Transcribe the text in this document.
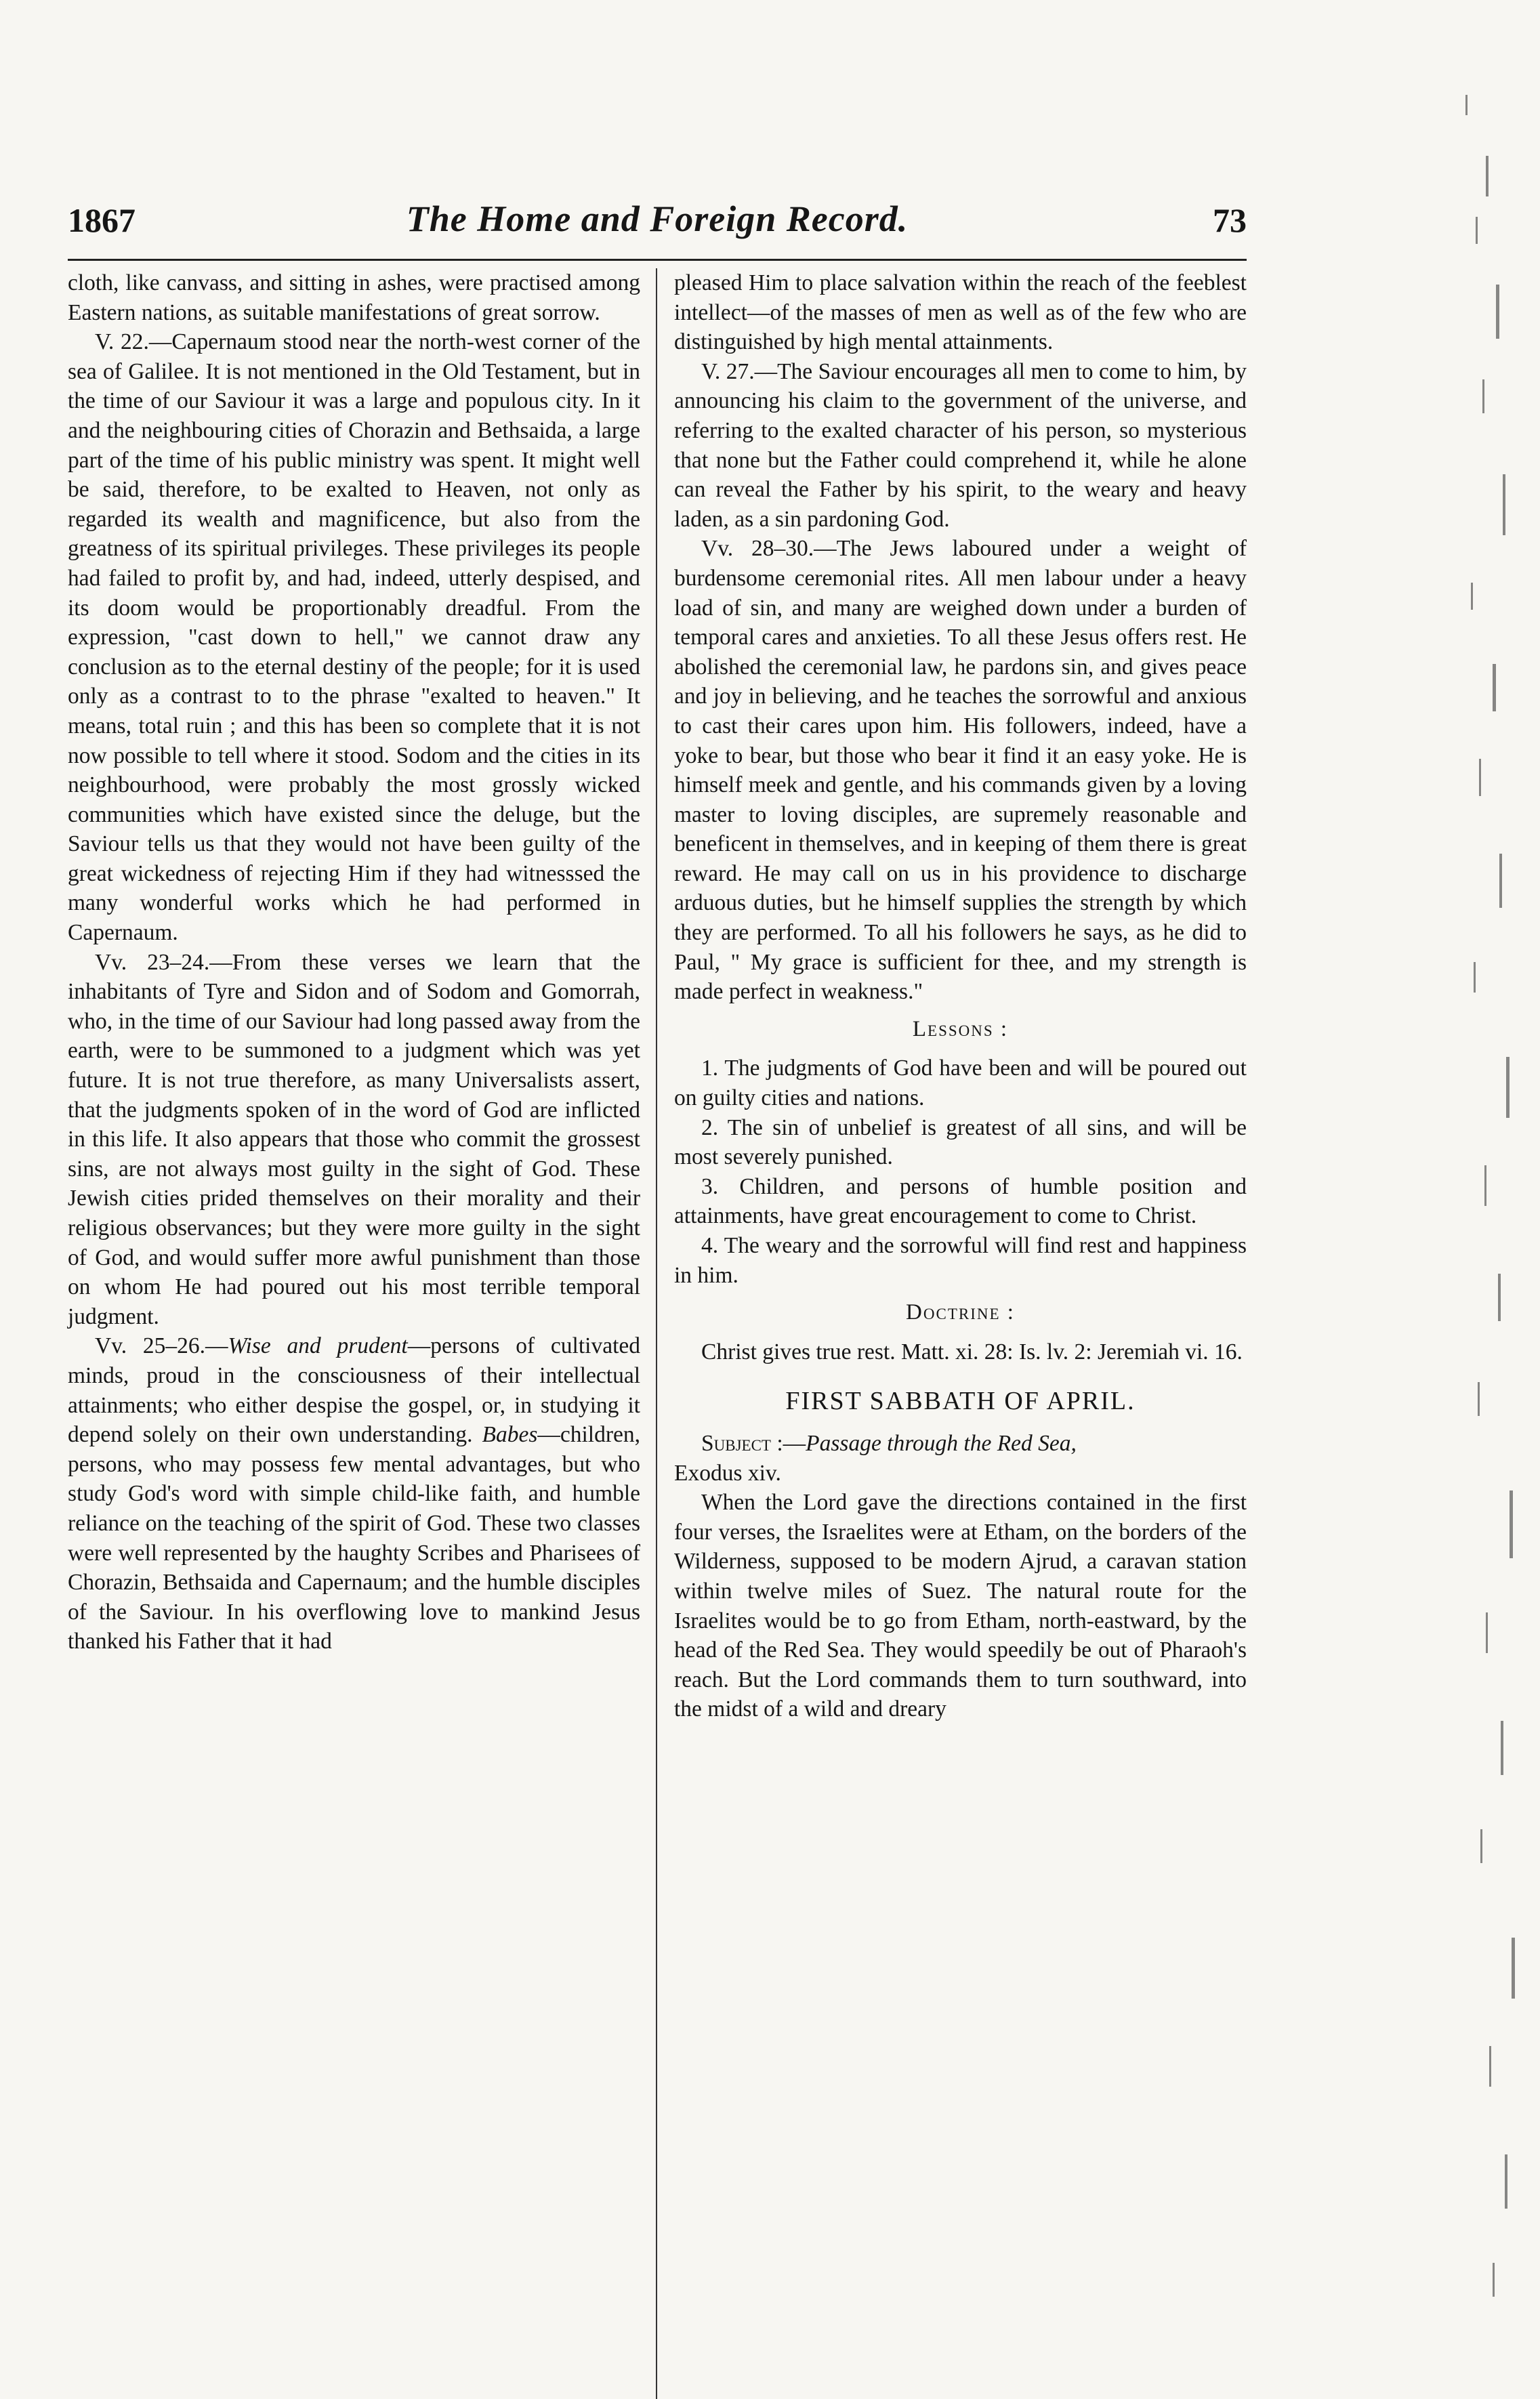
1867	The Home and Foreign Record.	73

cloth, like canvass, and sitting in ashes, were practised among Eastern nations, as suitable manifestations of great sorrow.

V. 22.—Capernaum stood near the north-west corner of the sea of Galilee. It is not mentioned in the Old Testament, but in the time of our Saviour it was a large and populous city. In it and the neighbouring cities of Chorazin and Bethsaida, a large part of the time of his public ministry was spent. It might well be said, therefore, to be exalted to Heaven, not only as regarded its wealth and magnificence, but also from the greatness of its spiritual privileges. These privileges its people had failed to profit by, and had, indeed, utterly despised, and its doom would be proportionably dreadful. From the expression, "cast down to hell," we cannot draw any conclusion as to the eternal destiny of the people; for it is used only as a contrast to to the phrase "exalted to heaven." It means, total ruin ; and this has been so complete that it is not now possible to tell where it stood. Sodom and the cities in its neighbourhood, were probably the most grossly wicked communities which have existed since the deluge, but the Saviour tells us that they would not have been guilty of the great wickedness of rejecting Him if they had witnesssed the many wonderful works which he had performed in Capernaum.

Vv. 23–24.—From these verses we learn that the inhabitants of Tyre and Sidon and of Sodom and Gomorrah, who, in the time of our Saviour had long passed away from the earth, were to be summoned to a judgment which was yet future. It is not true therefore, as many Universalists assert, that the judgments spoken of in the word of God are inflicted in this life. It also appears that those who commit the grossest sins, are not always most guilty in the sight of God. These Jewish cities prided themselves on their morality and their religious observances; but they were more guilty in the sight of God, and would suffer more awful punishment than those on whom He had poured out his most terrible temporal judgment.

Vv. 25–26.—Wise and prudent—persons of cultivated minds, proud in the consciousness of their intellectual attainments; who either despise the gospel, or, in studying it depend solely on their own understanding. Babes—children, persons, who may possess few mental advantages, but who study God's word with simple child-like faith, and humble reliance on the teaching of the spirit of God. These two classes were well represented by the haughty Scribes and Pharisees of Chorazin, Bethsaida and Capernaum; and the humble disciples of the Saviour. In his overflowing love to mankind Jesus thanked his Father that it had

pleased Him to place salvation within the reach of the feeblest intellect—of the masses of men as well as of the few who are distinguished by high mental attainments.

V. 27.—The Saviour encourages all men to come to him, by announcing his claim to the government of the universe, and referring to the exalted character of his person, so mysterious that none but the Father could comprehend it, while he alone can reveal the Father by his spirit, to the weary and heavy laden, as a sin pardoning God.

Vv. 28–30.—The Jews laboured under a weight of burdensome ceremonial rites. All men labour under a heavy load of sin, and many are weighed down under a burden of temporal cares and anxieties. To all these Jesus offers rest. He abolished the ceremonial law, he pardons sin, and gives peace and joy in believing, and he teaches the sorrowful and anxious to cast their cares upon him. His followers, indeed, have a yoke to bear, but those who bear it find it an easy yoke. He is himself meek and gentle, and his commands given by a loving master to loving disciples, are supremely reasonable and beneficent in themselves, and in keeping of them there is great reward. He may call on us in his providence to discharge arduous duties, but he himself supplies the strength by which they are performed. To all his followers he says, as he did to Paul, " My grace is sufficient for thee, and my strength is made perfect in weakness."

Lessons :

1. The judgments of God have been and will be poured out on guilty cities and nations.

2. The sin of unbelief is greatest of all sins, and will be most severely punished.

3. Children, and persons of humble position and attainments, have great encouragement to come to Christ.

4. The weary and the sorrowful will find rest and happiness in him.

Doctrine :

Christ gives true rest. Matt. xi. 28: Is. lv. 2: Jeremiah vi. 16.

FIRST SABBATH OF APRIL.

Subject :—Passage through the Red Sea,

Exodus xiv.

When the Lord gave the directions contained in the first four verses, the Israelites were at Etham, on the borders of the Wilderness, supposed to be modern Ajrud, a caravan station within twelve miles of Suez. The natural route for the Israelites would be to go from Etham, north-eastward, by the head of the Red Sea. They would speedily be out of Pharaoh's reach. But the Lord commands them to turn southward, into the midst of a wild and dreary
